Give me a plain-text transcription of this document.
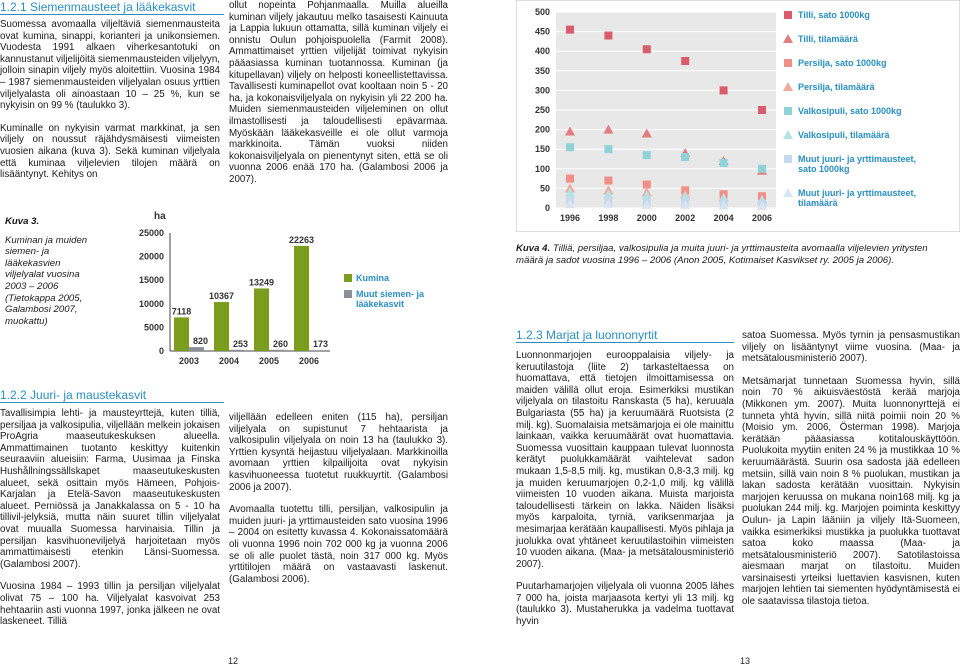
1.2.1 Siemenmausteet ja lääkekasvit

Suomessa avomaalla viljeltäviä siemenmausteita ovat kumina, sinappi, korianteri ja unikonsiemen. Vuodesta 1991 alkaen viherkesantotuki on kannustanut viljelijöitä siemenmausteiden viljelyyn, jolloin sinapin viljely myös aloitettiin. Vuosina 1984 – 1987 siemenmausteiden viljelyalan osuus yrttien viljelyalasta oli ainoastaan 10 – 25 %, kun se nykyisin on 99 % (taulukko 3).

Kuminalle on nykyisin varmat markkinat, ja sen viljely on noussut räjähdysmäisesti viimeisten vuosien aikana (kuva 3). Sekä kuminan viljelyala että kuminaa viljelevien tilojen määrä on lisääntynyt. Kehitys on

ollut nopeinta Pohjanmaalla. Muilla alueilla kuminan viljely jakautuu melko tasaisesti Kainuuta ja Lappia lukuun ottamatta, sillä kuminan viljely ei onnistu Oulun pohjoispuolella (Farmit 2008). Ammattimaiset yrttien viljelijät toimivat nykyisin pääasiassa kuminan tuotannossa. Kuminan (ja kitupellavan) viljely on helposti koneellistettavissa. Tavallisesti kuminapellot ovat kooltaan noin 5 - 20 ha, ja kokonaisviljelyala on nykyisin yli 22 200 ha. Muiden siemenmausteiden viljeleminen on ollut ilmastollisesti ja taloudellisesti epävarmaa. Myöskään lääkekasveille ei ole ollut varmoja markkinoita. Tämän vuoksi niiden kokonaisviljelyala on pienentynyt siten, että se oli vuonna 2006 enää 170 ha. (Galambosi 2006 ja 2007).
Kuva 3.
Kuminan ja muiden siemen- ja lääkekasvien viljelyalat vuosina 2003 – 2006 (Tietokappa 2005, Galambosi 2007, muokattu)
ha
0
5000
10000
15000
20000
25000
2003
7118
820
2004
10367
253
2005
13249
260
2006
22263
173
Kumina
Muut siemen- ja lääkekasvit
1.2.2 Juuri- ja maustekasvit

Tavallisimpia lehti- ja mausteyrttejä, kuten tilliä, persiljaa ja valkosipulia, viljellään melkein jokaisen ProAgria maaseutukeskuksen alueella. Ammattimainen tuotanto keskittyy kuitenkin seuraaviin alueisiin: Farma, Uusimaa ja Finska Hushållningssällskapet maaseutukeskusten alueet, sekä osittain myös Hämeen, Pohjois-Karjalan ja Etelä-Savon maaseutukeskusten alueet. Perniössä ja Janakkalassa on 5 - 10 ha tillivil-jelyksiä, mutta näin suuret tillin viljelyalat ovat muualla Suomessa harvinaisia. Tillin ja persiljan kasvihuoneviljelyä harjoitetaan myös ammattimaisesti etenkin Länsi-Suomessa. (Galambosi 2007).

Vuosina 1984 – 1993 tillin ja persiljan viljelyalat olivat 75 – 100 ha. Viljelyalat kasvoivat 253 hehtaariin asti vuonna 1997, jonka jälkeen ne ovat laskeneet. Tilliä

viljellään edelleen eniten (115 ha), persiljan viljelyala on supistunut 7 hehtaarista ja valkosipulin viljelyala on noin 13 ha (taulukko 3). Yrttien kysyntä heijastuu viljelyalaan. Markkinoilla avomaan yrttien kilpailijoita ovat nykyisin kasvihuoneessa tuotetut ruukkuyrtit. (Galambosi 2006 ja 2007).

Avomaalla tuotettu tilli, persiljan, valkosipulin ja muiden juuri- ja yrttimausteiden sato vuosina 1996 – 2004 on esitetty kuvassa 4. Kokonaissatomäärä oli vuonna 1996 noin 702 000 kg ja vuonna 2006 se oli alle puolet tästä, noin 317 000 kg. Myös yrttitilojen määrä on vastaavasti laskenut. (Galambosi 2006).

12
0
50
100
150
200
250
300
350
400
450
500
1996 1998 2000 2002 2004 2006
Tilli, sato 1000kg
Tilli, tilamäärä
Persilja, sato 1000kg
Persilja, tilamäärä
Valkosipuli, sato 1000kg
Valkosipuli, tilamäärä
Muut juuri- ja yrttimausteet, sato 1000kg
Muut juuri- ja yrttimausteet, tilamäärä
Kuva 4. Tilliä, persiljaa, valkosipulia ja muita juuri- ja yrttimausteita avomaalla viljelevien yritysten määrä ja sadot vuosina 1996 – 2006 (Anon 2005, Kotimaiset Kasvikset ry. 2005 ja 2006).
1.2.3 Marjat ja luonnonyrtit

Luonnonmarjojen eurooppalaisia viljely- ja keruutilastoja (liite 2) tarkasteltaessa on huomattava, että tietojen ilmoittamisessa on maiden välillä ollut eroja. Esimerkiksi mustikan viljelyala on tilastoitu Ranskasta (5 ha), keruuala Bulgariasta (55 ha) ja keruumäärä Ruotsista (2 milj. kg). Suomalaisia metsämarjoja ei ole mainittu lainkaan, vaikka keruumäärät ovat huomattavia. Suomessa vuosittain kauppaan tulevat luonnosta kerätyt puolukkamäärät vaihtelevat sadon mukaan 1,5-8,5 milj. kg, mustikan 0,8-3,3 milj. kg ja muiden keruumarjojen 0,2-1,0 milj. kg välillä viimeisten 10 vuoden aikana. Muista marjoista taloudellisesti tärkein on lakka. Näiden lisäksi myös karpaloita, tyrniä, variksenmarjaa ja mesimarjaa kerätään kaupallisesti. Myös pihlaja ja juolukka ovat yhtäneet keruutilastoihin viimeisten 10 vuoden aikana. (Maa- ja metsätalousministeriö 2007).

Puutarhamarjojen viljelyala oli vuonna 2005 lähes 7 000 ha, joista marjaasota kertyi yli 13 milj. kg (taulukko 3). Mustaherukka ja vadelma tuottavat hyvin

satoa Suomessa. Myös tyrnin ja pensasmustikan viljely on lisääntynyt viime vuosina. (Maa- ja metsätalousministeriö 2007).

Metsämarjat tunnetaan Suomessa hyvin, sillä noin 70 % aikuisväestöstä kerää marjoja (Mikkonen ym. 2007). Muita luonnonyrttejä ei tunneta yhtä hyvin, sillä niitä poimii noin 20 % (Moisio ym. 2006, Österman 1998). Marjoja kerätään pääasiassa kotitalouskäyttöön. Puolukoita myytiin eniten 24 % ja mustikkaa 10 % keruumäärästä. Suurin osa sadosta jää edelleen metsiin, sillä vain noin 8 % puolukan, mustikan ja lakan sadosta kerätään vuosittain. Nykyisin marjojen keruussa on mukana noin168 milj. kg ja puolukan 244 milj. kg. Marjojen poiminta keskittyy Oulun- ja Lapin lääniin ja viljely Itä-Suomeen, vaikka esimerkiksi mustikka ja puolukka tuottavat satoa koko maassa (Maa- ja metsätalousministeriö 2007). Satotilastoissa aiesmaan marjat on tilastoitu. Muiden varsinaisesti yrteiksi luettavien kasvisnen, kuten marjojen lehtien tai siementen hyödyntämisestä ei ole saatavissa tilastoja tietoa.

13
